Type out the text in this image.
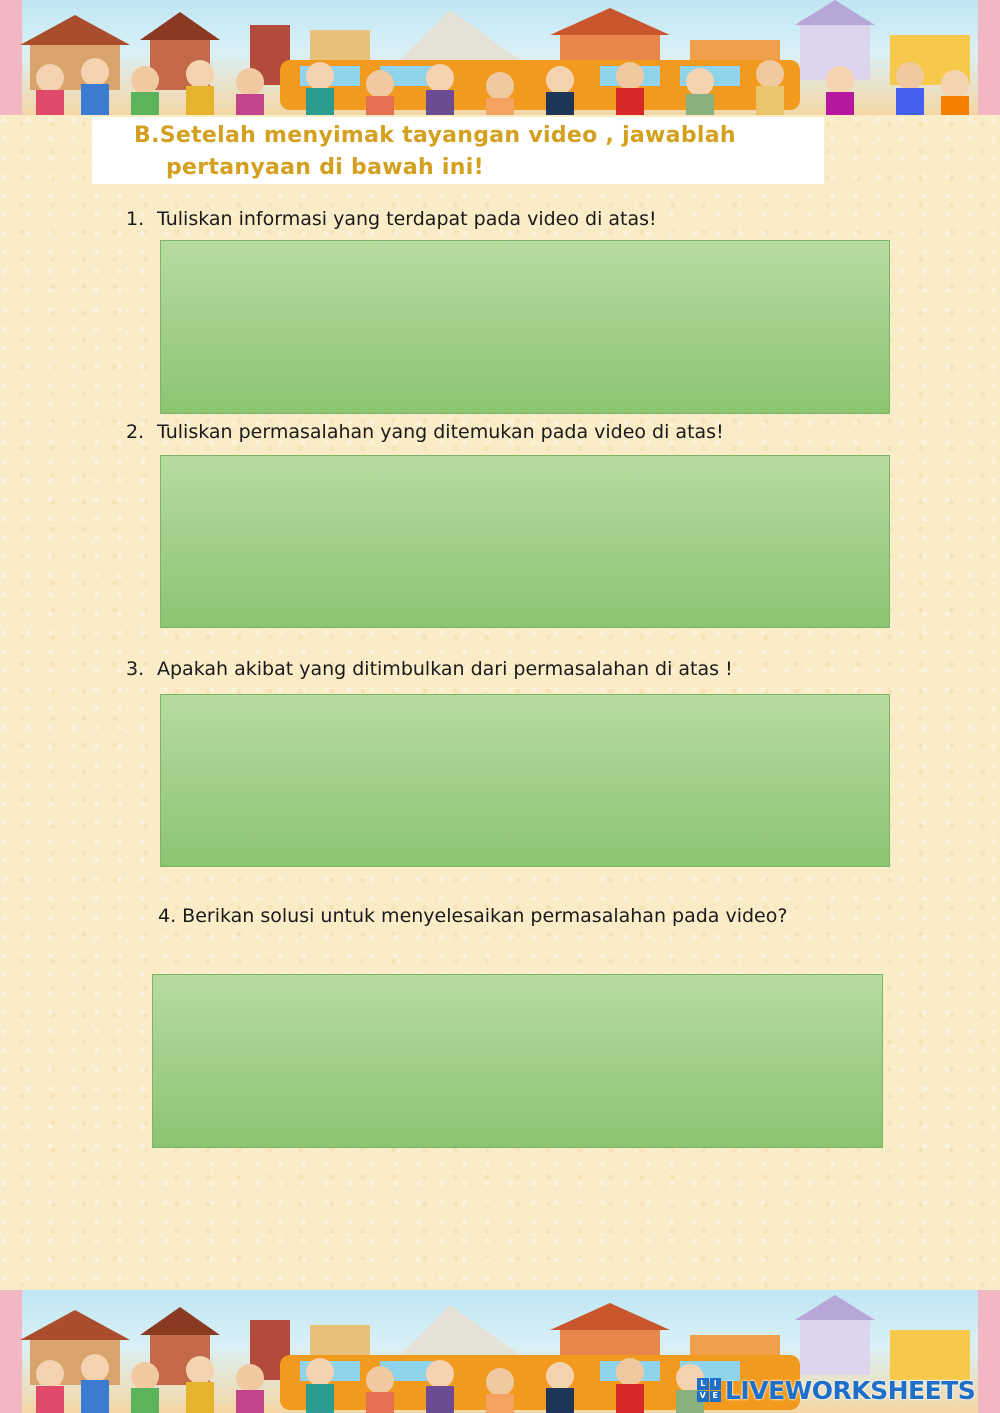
B.Setelah menyimak tayangan video , jawablah
pertanyaan di bawah ini!
1. Tuliskan informasi yang terdapat pada video di atas!
2. Tuliskan permasalahan yang ditemukan pada video di atas!
3. Apakah akibat yang ditimbulkan dari permasalahan di atas !
4. Berikan solusi untuk menyelesaikan permasalahan pada video?
L	I
V E LIVEWORKSHEETS
